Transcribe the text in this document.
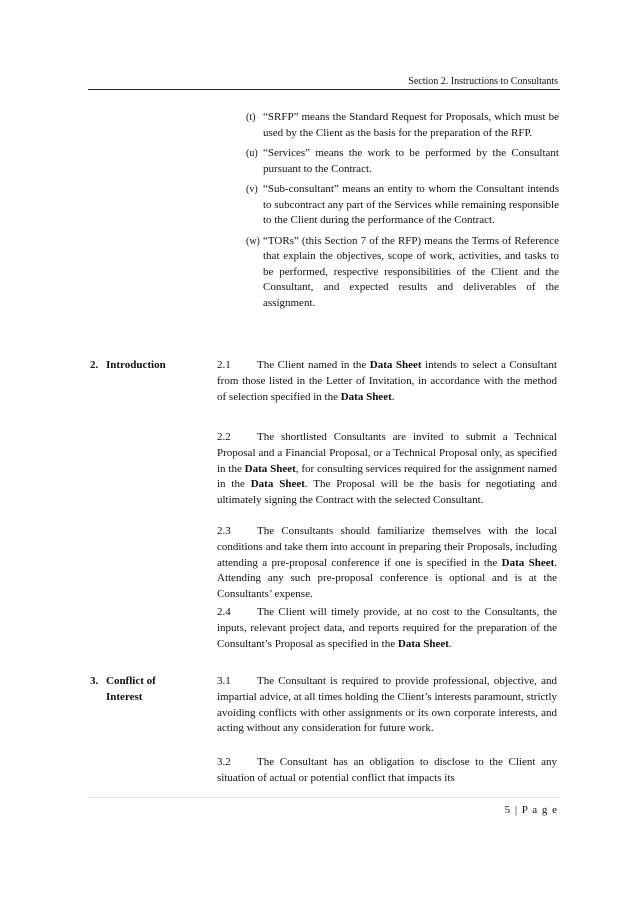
Section 2. Instructions to Consultants
(t) “SRFP” means the Standard Request for Proposals, which must be used by the Client as the basis for the preparation of the RFP.
(u) “Services” means the work to be performed by the Consultant pursuant to the Contract.
(v) “Sub-consultant” means an entity to whom the Consultant intends to subcontract any part of the Services while remaining responsible to the Client during the performance of the Contract.
(w) “TORs” (this Section 7 of the RFP) means the Terms of Reference that explain the objectives, scope of work, activities, and tasks to be performed, respective responsibilities of the Client and the Consultant, and expected results and deliverables of the assignment.
2. Introduction	2.1 The Client named in the Data Sheet intends to select a Consultant from those listed in the Letter of Invitation, in accordance with the method of selection specified in the Data Sheet.
2.2 The shortlisted Consultants are invited to submit a Technical Proposal and a Financial Proposal, or a Technical Proposal only, as specified in the Data Sheet, for consulting services required for the assignment named in the Data Sheet. The Proposal will be the basis for negotiating and ultimately signing the Contract with the selected Consultant.
2.3 The Consultants should familiarize themselves with the local conditions and take them into account in preparing their Proposals, including attending a pre-proposal conference if one is specified in the Data Sheet. Attending any such pre-proposal conference is optional and is at the Consultants’ expense.
2.4 The Client will timely provide, at no cost to the Consultants, the inputs, relevant project data, and reports required for the preparation of the Consultant’s Proposal as specified in the Data Sheet.
3. Conflict of
Interest
3.1 The Consultant is required to provide professional, objective, and impartial advice, at all times holding the Client’s interests paramount, strictly avoiding conflicts with other assignments or its own corporate interests, and acting without any consideration for future work.
3.2 The Consultant has an obligation to disclose to the Client any situation of actual or potential conflict that impacts its
5 | P a g e
